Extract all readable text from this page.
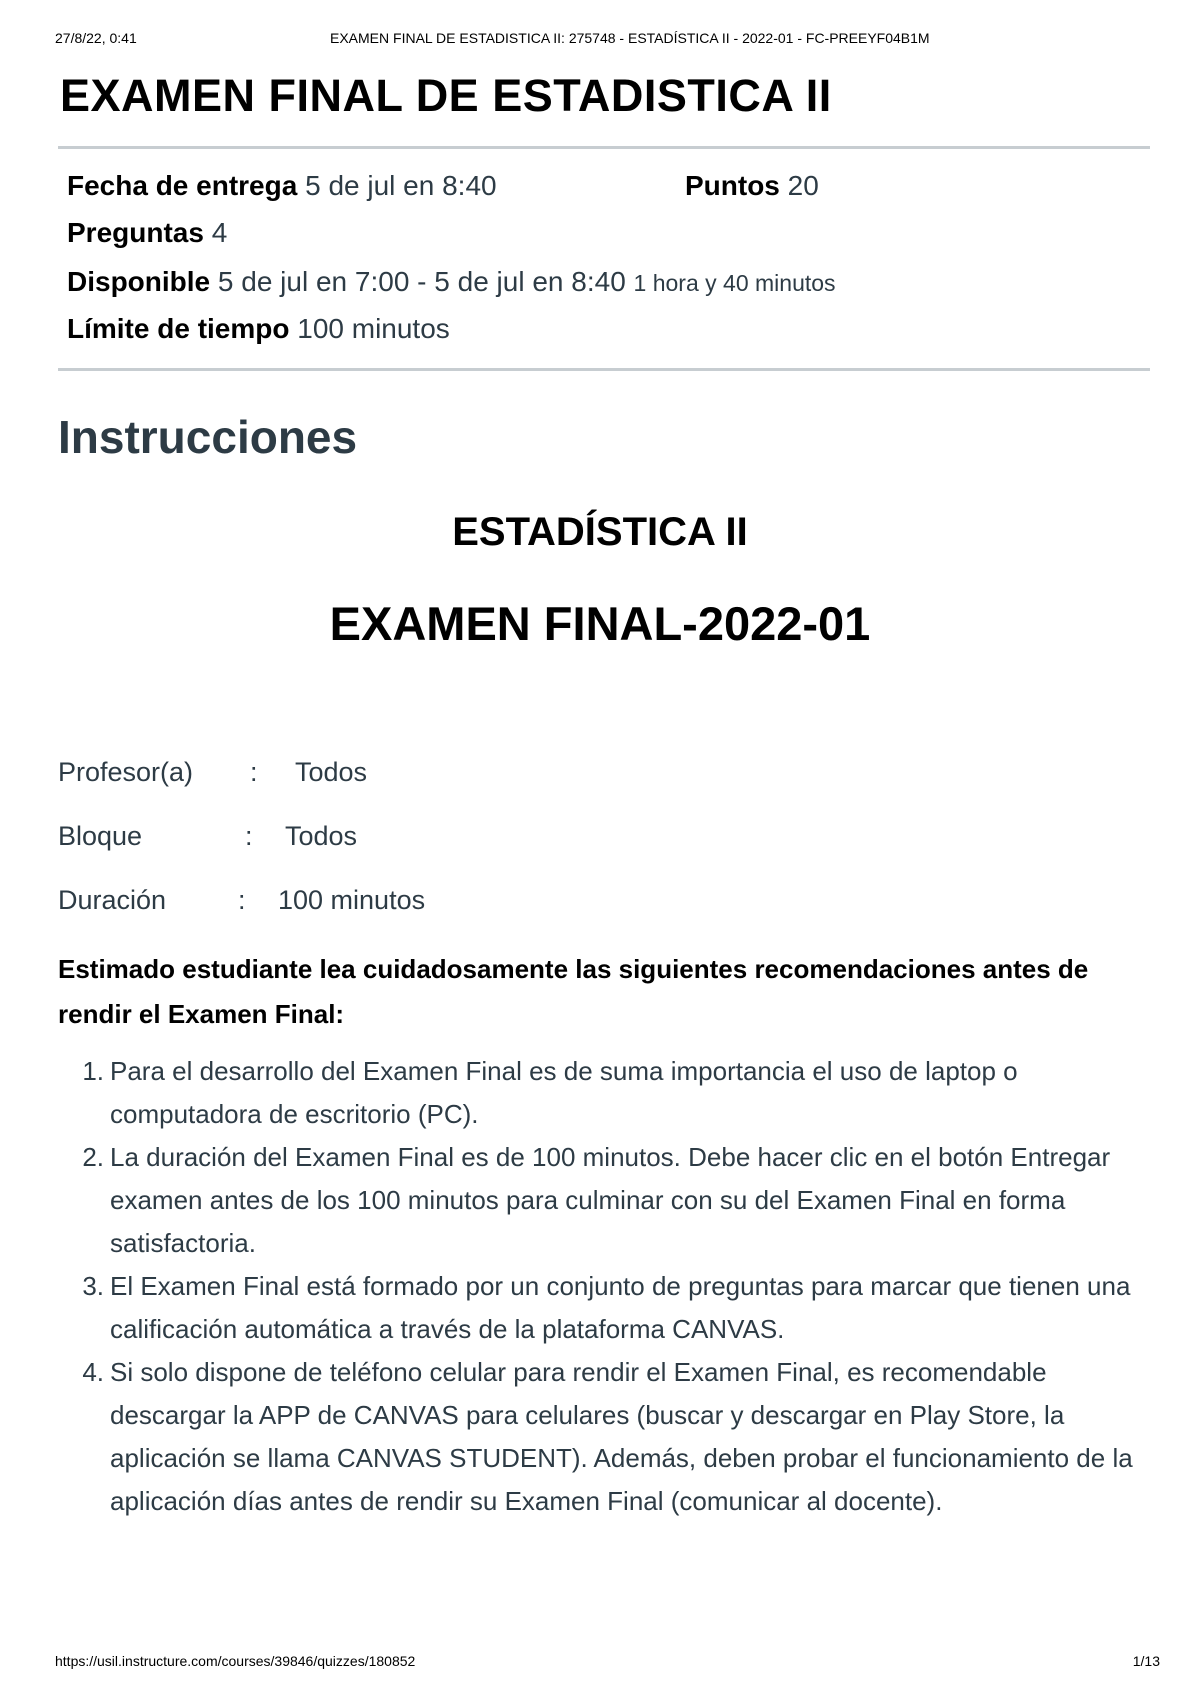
27/8/22, 0:41	EXAMEN FINAL DE ESTADISTICA II: 275748 - ESTADÍSTICA II - 2022-01 - FC-PREEYF04B1M
EXAMEN FINAL DE ESTADISTICA II
Fecha de entrega 5 de jul en 8:40	Puntos 20
Preguntas 4
Disponible 5 de jul en 7:00 - 5 de jul en 8:40 1 hora y 40 minutos
Límite de tiempo 100 minutos
Instrucciones
ESTADÍSTICA II
EXAMEN FINAL-2022-01
Profesor(a) : Todos
Bloque	: Todos
Duración	: 100 minutos

Estimado estudiante lea cuidadosamente las siguientes recomendaciones antes de rendir el Examen Final:

1. Para el desarrollo del Examen Final es de suma importancia el uso de laptop o computadora de escritorio (PC).
2. La duración del Examen Final es de 100 minutos. Debe hacer clic en el botón Entregar examen antes de los 100 minutos para culminar con su del Examen Final en forma satisfactoria.
3. El Examen Final está formado por un conjunto de preguntas para marcar que tienen una calificación automática a través de la plataforma CANVAS.
4. Si solo dispone de teléfono celular para rendir el Examen Final, es recomendable descargar la APP de CANVAS para celulares (buscar y descargar en Play Store, la aplicación se llama CANVAS STUDENT). Además, deben probar el funcionamiento de la aplicación días antes de rendir su Examen Final (comunicar al docente).
https://usil.instructure.com/courses/39846/quizzes/180852	1/13
